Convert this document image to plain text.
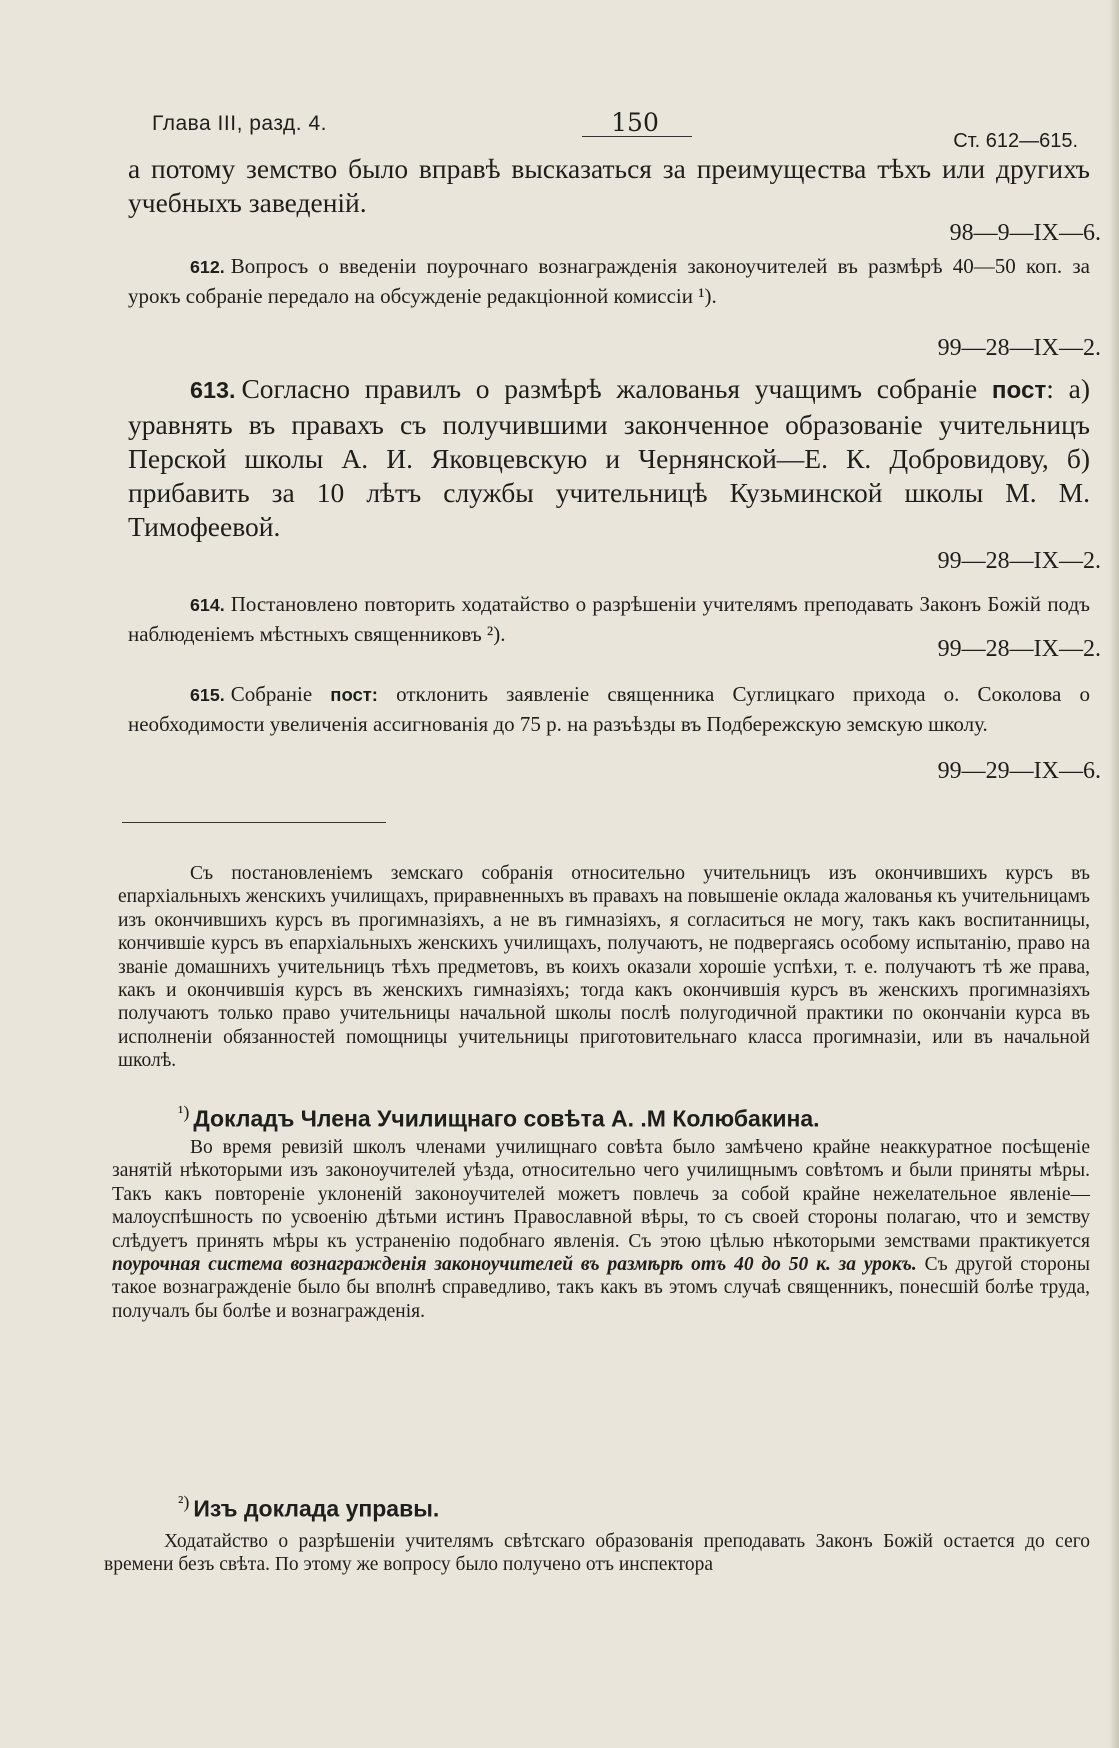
Глава III, разд. 4.	150
Ст. 612—615.
а потому земство было вправѣ высказаться за преимущества тѣхъ или другихъ учебныхъ заведеній.
98—9—IX—6.
612. Вопросъ о введеніи поурочнаго вознагражденія законоучителей въ размѣрѣ 40—50 коп. за урокъ собраніе передало на обсужденіе редакціонной комиссіи ¹).
99—28—IX—2.
613. Согласно правилъ о размѣрѣ жалованья учащимъ собраніе пост: а) уравнять въ правахъ съ получившими законченное образованіе учительницъ Перской школы А. И. Яковцевскую и Чернянской—Е. К. Добровидову, б) прибавить за 10 лѣтъ службы учительницѣ Кузьминской школы М. М. Тимофеевой.
99—28—IX—2.
614. Постановлено повторить ходатайство о разрѣшеніи учителямъ преподавать Законъ Божій подъ наблюденіемъ мѣстныхъ священниковъ ²).
99—28—IX—2.
615. Собраніе пост: отклонить заявленіе священника Суглицкаго прихода о. Соколова о необходимости увеличенія ассигнованія до 75 р. на разъѣзды въ Подбережскую земскую школу.
99—29—IX—6.
Съ постановленіемъ земскаго собранія относительно учительницъ изъ окончившихъ курсъ въ епархіальныхъ женскихъ училищахъ, приравненныхъ въ правахъ на повышеніе оклада жалованья къ учительницамъ изъ окончившихъ курсъ въ прогимназіяхъ, а не въ гимназіяхъ, я согласиться не могу, такъ какъ воспитанницы, кончившіе курсъ въ епархіальныхъ женскихъ училищахъ, получаютъ, не подвергаясь особому испытанію, право на званіе домашнихъ учительницъ тѣхъ предметовъ, въ коихъ оказали хорошіе успѣхи, т. е. получаютъ тѣ же права, какъ и окончившія курсъ въ женскихъ гимназіяхъ; тогда какъ окончившія курсъ въ женскихъ прогимназіяхъ получаютъ только право учительницы начальной школы послѣ полугодичной практики по окончаніи курса въ исполненіи обязанностей помощницы учительницы приготовительнаго класса прогимназіи, или въ начальной школѣ.
$^{^1)}$ Докладъ Члена Училищнаго совѣта А. .М Колюбакина.
Во время ревизій школъ членами училищнаго совѣта было замѣчено крайне неаккуратное посѣщеніе занятій нѣкоторыми изъ законоучителей уѣзда, относительно чего училищнымъ совѣтомъ и были приняты мѣры. Такъ какъ повтореніе уклоненій законоучителей можетъ повлечь за собой крайне нежелательное явленіе—малоуспѣшность по усвоенію дѣтьми истинъ Православной вѣры, то съ своей стороны полагаю, что и земству слѣдуетъ принять мѣры къ устраненію подобнаго явленія. Съ этою цѣлью нѣкоторыми земствами практикуется поурочная система вознагражденія законоучителей въ размѣрѣ отъ 40 до 50 к. за урокъ. Съ другой стороны такое вознагражденіе было бы вполнѣ справедливо, такъ какъ въ этомъ случаѣ священникъ, понесшій болѣе труда, получалъ бы болѣе и вознагражденія.
$^{^2)}$ Изъ доклада управы.
Ходатайство о разрѣшеніи учителямъ свѣтскаго образованія преподавать Законъ Божій остается до сего времени безъ свѣта. По этому же вопросу было получено отъ инспектора
